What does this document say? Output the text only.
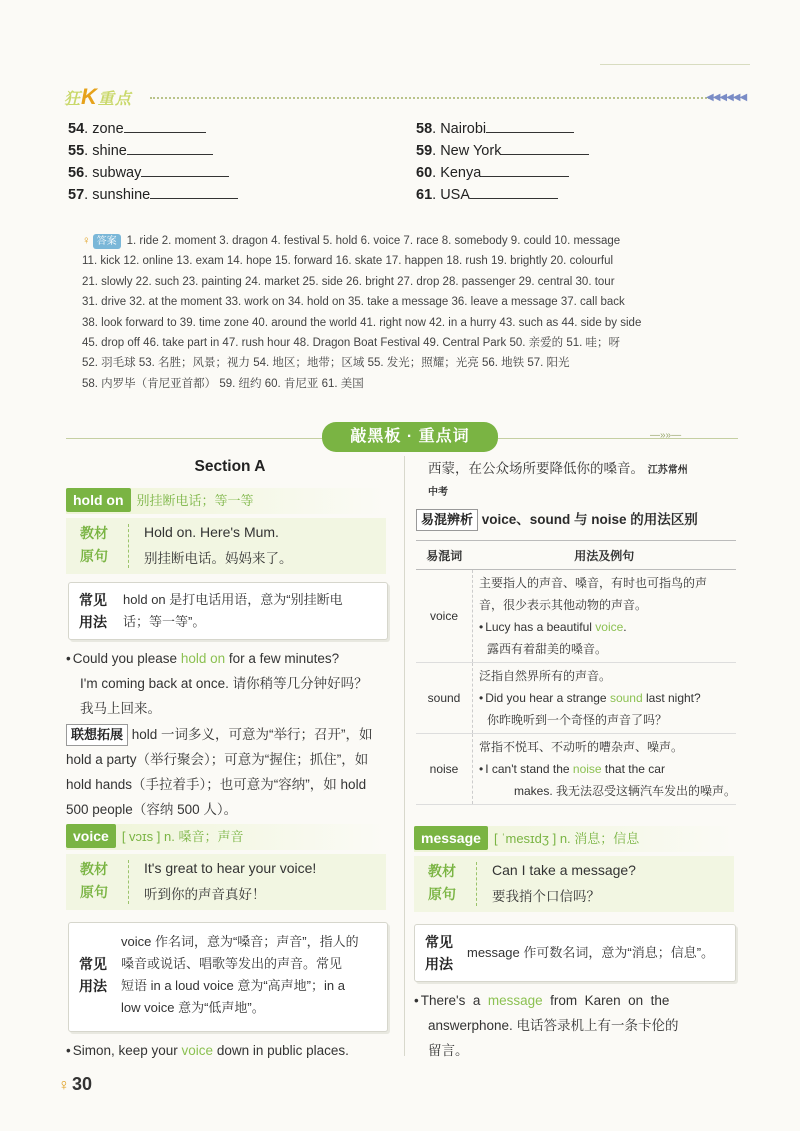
狂K重点	◀◀◀◀◀◀
54. zone
55. shine
56. subway
57. sunshine
58. Nairobi
59. New York
60. Kenya
61. USA
♀ 答案 1. ride 2. moment 3. dragon 4. festival 5. hold 6. voice 7. race 8. somebody 9. could 10. message
11. kick 12. online 13. exam 14. hope 15. forward 16. skate 17. happen 18. rush 19. brightly 20. colourful
21. slowly 22. such 23. painting 24. market 25. side 26. bright 27. drop 28. passenger 29. central 30. tour
31. drive 32. at the moment 33. work on 34. hold on 35. take a message 36. leave a message 37. call back
38. look forward to 39. time zone 40. around the world 41. right now 42. in a hurry 43. such as 44. side by side
45. drop off 46. take part in 47. rush hour 48. Dragon Boat Festival 49. Central Park 50. 亲爱的 51. 哇；呀
52. 羽毛球 53. 名胜；风景；视力 54. 地区；地带；区域 55. 发光；照耀；光亮 56. 地铁 57. 阳光
58. 内罗毕（肯尼亚首都） 59. 纽约 60. 肯尼亚 61. 美国
敲黑板 · 重点词	—»»—
Section A
hold on 别挂断电话；等一等
教材
原句
Hold on. Here's Mum.
别挂断电话。妈妈来了。
常见
用法
hold on 是打电话用语，意为“别挂断电
话；等一等”。
• Could you please hold on for a few minutes?
I'm coming back at once. 请你稍等几分钟好吗？
我马上回来。
联想拓展 hold 一词多义，可意为“举行；召开”，如
hold a party（举行聚会）；可意为“握住；抓住”，如
hold hands（手拉着手）；也可意为“容纳”，如 hold
500 people（容纳 500 人）。
voice [ vɔɪs ] n. 嗓音；声音
教材
原句
It's great to hear your voice!
听到你的声音真好！
常见
用法
voice 作名词，意为“嗓音；声音”，指人的
嗓音或说话、唱歌等发出的声音。常见
短语 in a loud voice 意为“高声地”；in a
low voice 意为“低声地”。
• Simon, keep your voice down in public places.
西蒙，在公众场所要降低你的嗓音。 江苏常州
中考
易混辨析 voice、sound 与 noise 的用法区别
易混词	用法及例句
voice	主要指人的声音、嗓音，有时也可指鸟的声
音，很少表示其他动物的声音。
• Lucy has a beautiful voice.
露西有着甜美的嗓音。

sound	泛指自然界所有的声音。
• Did you hear a strange sound last night?
你昨晚听到一个奇怪的声音了吗？

noise	常指不悦耳、不动听的嘈杂声、噪声。
• I can't stand the noise that the car
makes. 我无法忍受这辆汽车发出的噪声。
message [ ˈmesɪdʒ ] n. 消息；信息
教材
原句
Can I take a message?
要我捎个口信吗？
常见
用法
message 作可数名词，意为“消息；信息”。
• There's  a  message  from  Karen  on  the
answerphone. 电话答录机上有一条卡伦的
留言。
♀ 30
